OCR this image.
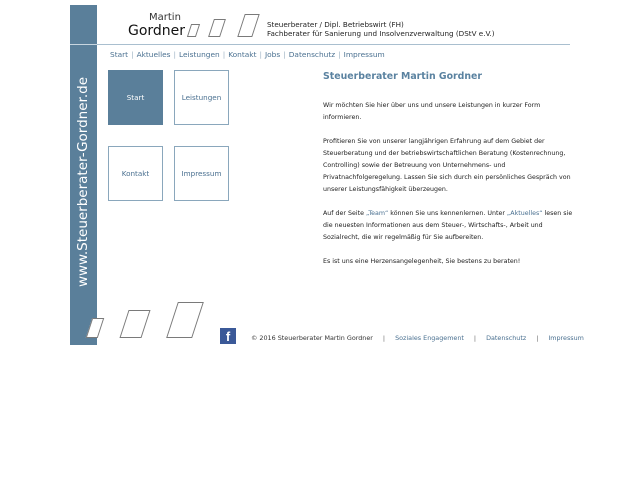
www.Steuerberater-Gordner.de
Martin
Gordner	Steuerberater / Dipl. Betriebswirt (FH)
Fachberater für Sanierung und Insolvenzverwaltung (DStV e.V.)
Start | Aktuelles | Leistungen | Kontakt | Jobs | Datenschutz | Impressum
Start	Leistungen
Kontakt	Impressum
Steuerberater Martin Gordner

Wir möchten Sie hier über uns und unsere Leistungen in kurzer Form informieren.

Profitieren Sie von unserer langjährigen Erfahrung auf dem Gebiet der Steuerberatung und der betriebswirtschaftlichen Beratung (Kostenrechnung, Controlling) sowie der Betreuung von Unternehmens- und Privatnachfolgeregelung. Lassen Sie sich durch ein persönliches Gespräch von unserer Leistungsfähigkeit überzeugen.

Auf der Seite „Team“ können Sie uns kennenlernen. Unter „Aktuelles“ lesen sie die neuesten Informationen aus dem Steuer-, Wirtschafts-, Arbeit und Sozialrecht, die wir regelmäßig für Sie aufbereiten.

Es ist uns eine Herzensangelegenheit, Sie bestens zu beraten!

f	© 2016 Steuerberater Martin Gordner | Soziales Engagement | Datenschutz | Impressum
